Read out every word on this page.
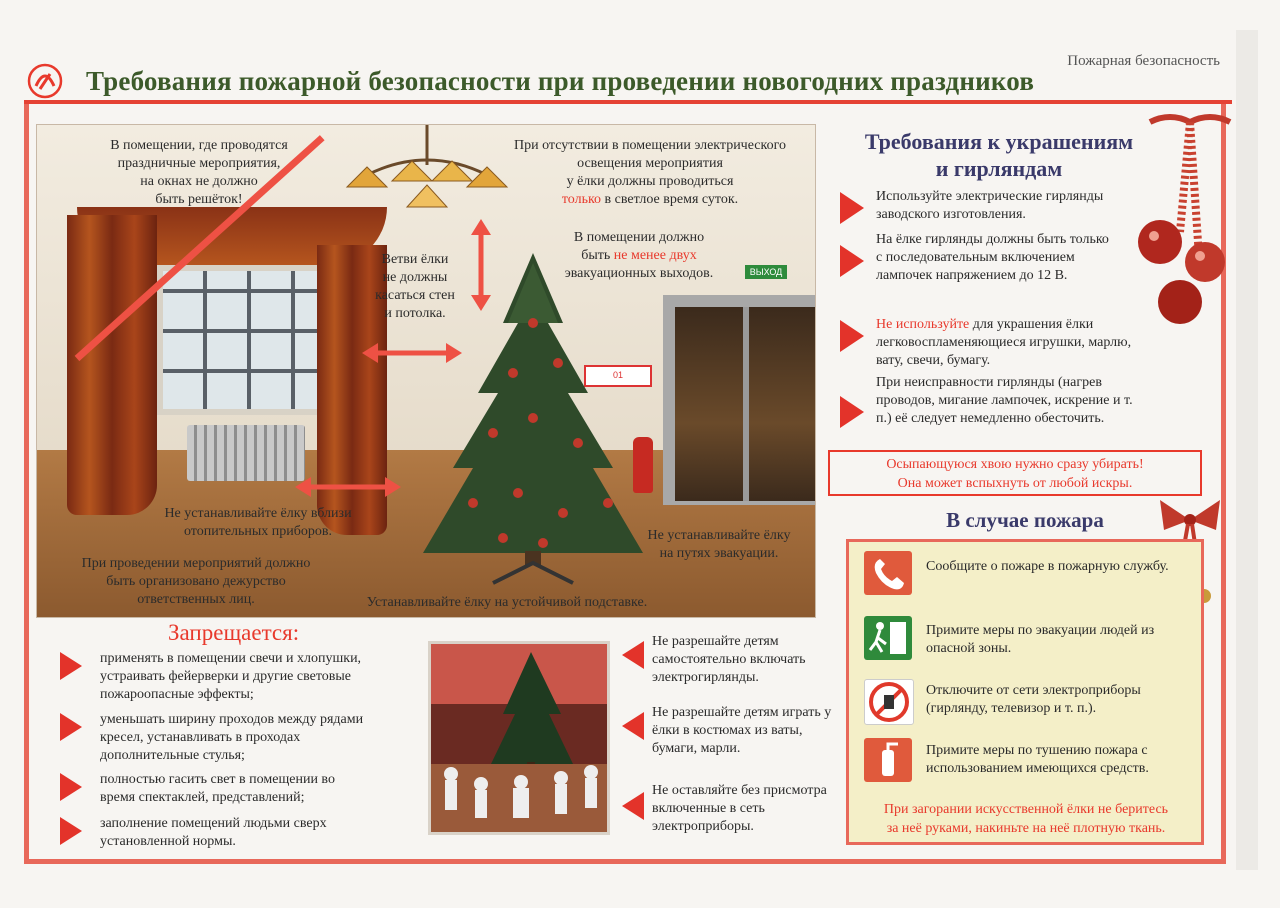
Пожарная безопасность
Требования пожарной безопасности при проведении новогодних праздников
ВЫХОД
01
В помещении, где проводятся
праздничные мероприятия,
на окнах не должно
быть решёток!
При отсутствии в помещении электрического
освещения мероприятия
у ёлки должны проводиться
только в светлое время суток.
В помещении должно
быть не менее двух
эвакуационных выходов.
Ветви ёлки
не должны
касаться стен
и потолка.
Не устанавливайте ёлку вблизи
отопительных приборов.	Не устанавливайте ёлку
на путях эвакуации.
При проведении мероприятий должно
быть организовано дежурство
ответственных лиц.	Устанавливайте ёлку на устойчивой подставке.
Требования к украшениям
и гирляндам
Используйте электрические гирлянды заводского изготовления.
На ёлке гирлянды должны быть только с последовательным включением лампочек напряжением до 12 В.
Не используйте для украшения ёлки легковоспламеняющиеся игрушки, марлю, вату, свечи, бумагу.
При неисправности гирлянды (нагрев проводов, мигание лампочек, искрение и т. п.) её следует немедленно обесточить.
Осыпающуюся хвою нужно сразу убирать!
Она может вспыхнуть от любой искры.
В случае пожара
Сообщите о пожаре в пожарную службу.
Примите меры по эвакуации людей из опасной зоны.
Отключите от сети электроприборы (гирлянду, телевизор и т. п.).
Примите меры по тушению пожара с использованием имеющихся средств.
При загорании искусственной ёлки не беритесь
за неё руками, накиньте на неё плотную ткань.
Запрещается:
применять в помещении свечи и хлопушки, устраивать фейерверки и другие световые пожароопасные эффекты;
уменьшать ширину проходов между рядами кресел, устанавливать в проходах дополнительные стулья;
полностью гасить свет в помещении во время спектаклей, представлений;
заполнение помещений людьми сверх установленной нормы.
Не разрешайте детям самостоятельно включать электрогирлянды.
Не разрешайте детям играть у ёлки в костюмах из ваты, бумаги, марли.
Не оставляйте без присмотра включенные в сеть электроприборы.
